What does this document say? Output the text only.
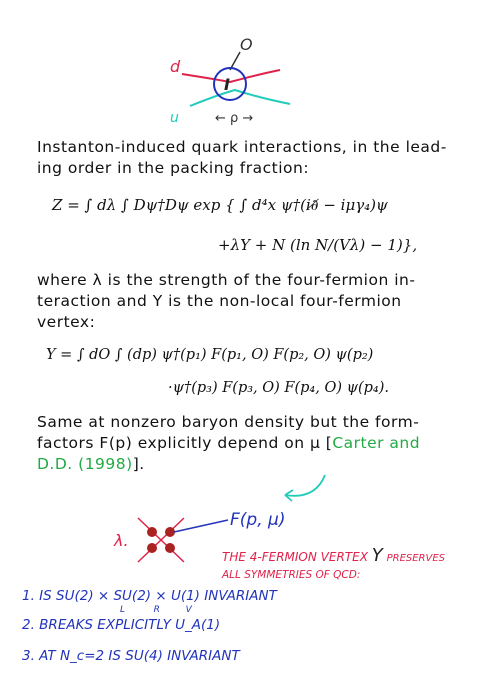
O
d
u
I
← ρ →
Instanton-induced quark interactions, in the lead-
ing order in the packing fraction:
Z = ∫ dλ ∫ Dψ†Dψ exp { ∫ d⁴x ψ†(i∂̸ − iμγ₄)ψ
+λY + N (ln N/(Vλ) − 1)},
where λ is the strength of the four-fermion in-
teraction and Y is the non-local four-fermion
vertex:
Y = ∫ dO ∫ (dp) ψ†(p₁) F(p₁, O) F(p₂, O) ψ(p₂)
·ψ†(p₃) F(p₃, O) F(p₄, O) ψ(p₄).
Same at nonzero baryon density but the form-
factors F(p) explicitly depend on μ [Carter and
D.D. (1998)].
λ.
F(p, μ)
THE 4-FERMION VERTEX Y PRESERVES
ALL SYMMETRIES OF QCD:
1. IS SU(2) × SU(2) × U(1) INVARIANT
L          R         V
2. BREAKS EXPLICITLY U_A(1)
3. AT N_c=2 IS SU(4) INVARIANT
